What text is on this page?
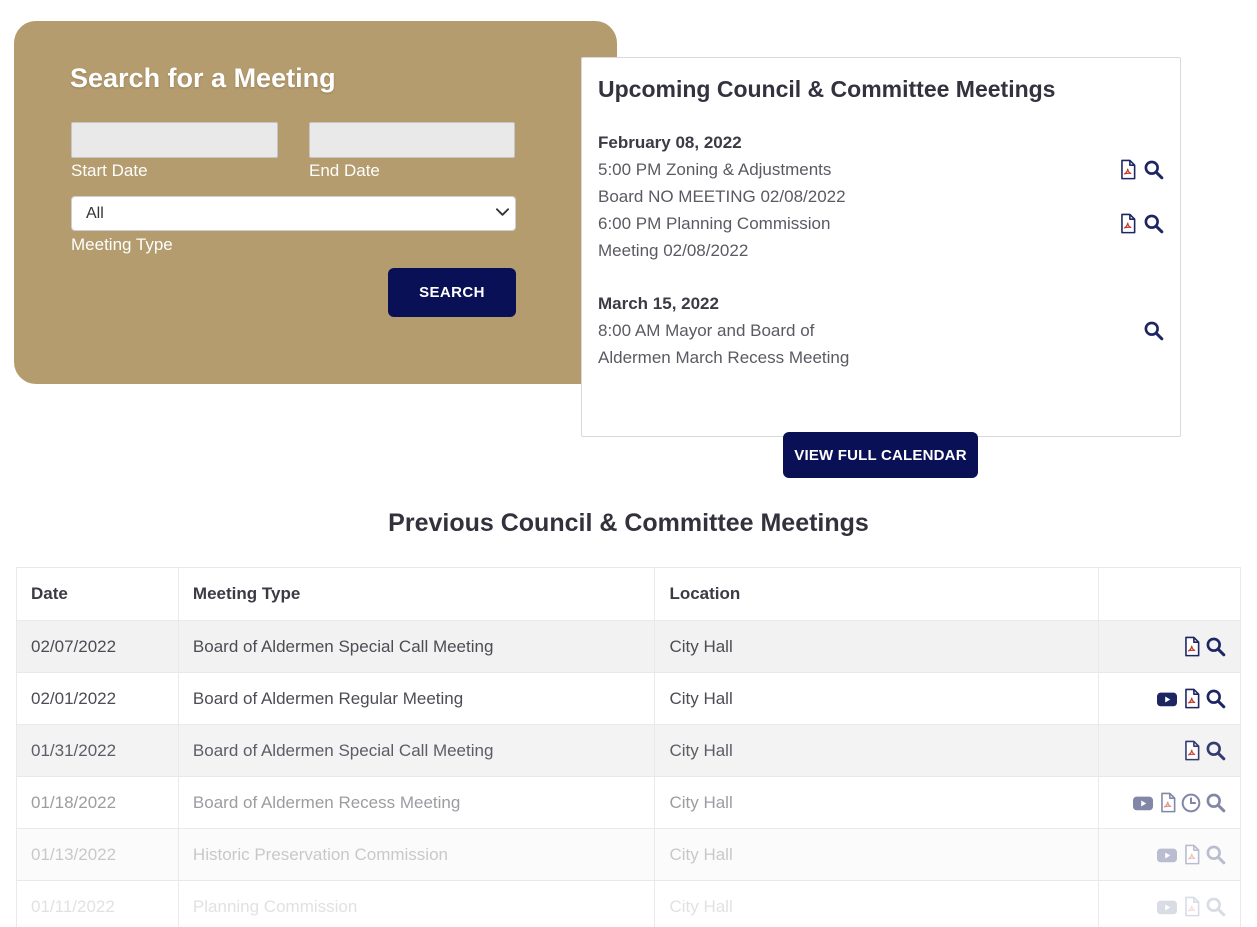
Search for a Meeting
Start Date	End Date
All
Meeting Type
SEARCH
Upcoming Council & Committee Meetings
February 08, 2022
5:00 PM Zoning & Adjustments Board NO MEETING 02/08/2022
6:00 PM Planning Commission Meeting 02/08/2022
March 15, 2022
8:00 AM Mayor and Board of Aldermen March Recess Meeting
VIEW FULL CALENDAR
Previous Council & Committee Meetings
Date	Meeting Type	Location	
02/07/2022	Board of Aldermen Special Call Meeting	City Hall	

02/01/2022	Board of Aldermen Regular Meeting	City Hall	

01/31/2022	Board of Aldermen Special Call Meeting	City Hall	

01/18/2022	Board of Aldermen Recess Meeting	City Hall	

01/13/2022	Historic Preservation Commission	City Hall	

01/11/2022	Planning Commission	City Hall	
